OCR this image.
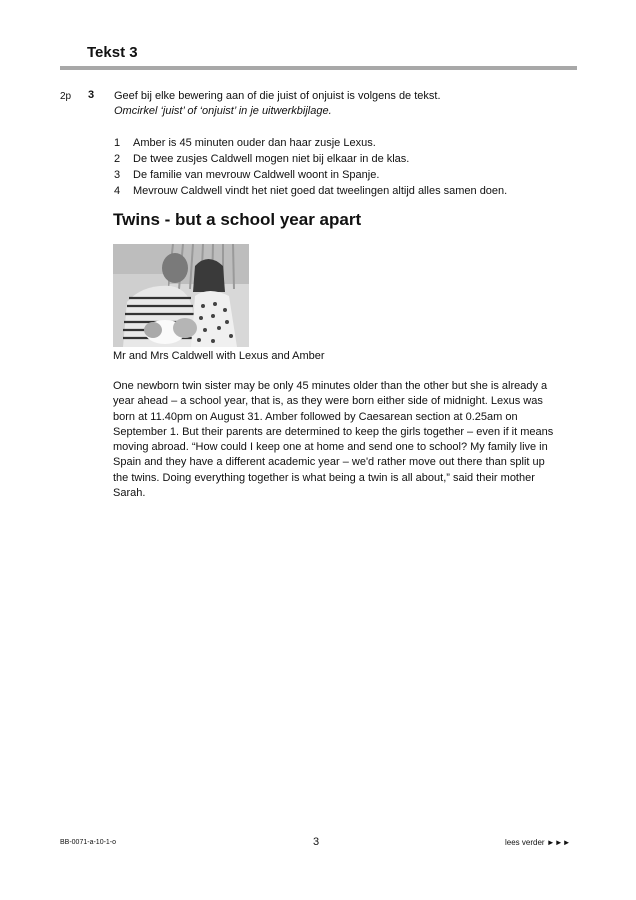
Tekst 3
2p 3 Geef bij elke bewering aan of die juist of onjuist is volgens de tekst.
Omcirkel ‘juist’ of ‘onjuist’ in je uitwerkbijlage.
1	Amber is 45 minuten ouder dan haar zusje Lexus.
2	De twee zusjes Caldwell mogen niet bij elkaar in de klas.
3	De familie van mevrouw Caldwell woont in Spanje.
4	Mevrouw Caldwell vindt het niet goed dat tweelingen altijd alles samen doen.
Twins - but a school year apart
Mr and Mrs Caldwell with Lexus and Amber

One newborn twin sister may be only 45 minutes older than the other but she is already a year ahead – a school year, that is, as they were born either side of midnight. Lexus was born at 11.40pm on August 31. Amber followed by Caesarean section at 0.25am on September 1. But their parents are determined to keep the girls together – even if it means moving abroad. “How could I keep one at home and send one to school? My family live in Spain and they have a different academic year – we'd rather move out there than split up the twins. Doing everything together is what being a twin is all about,” said their mother Sarah.

BB-0071-a-10-1-o	3	lees verder ►►►
